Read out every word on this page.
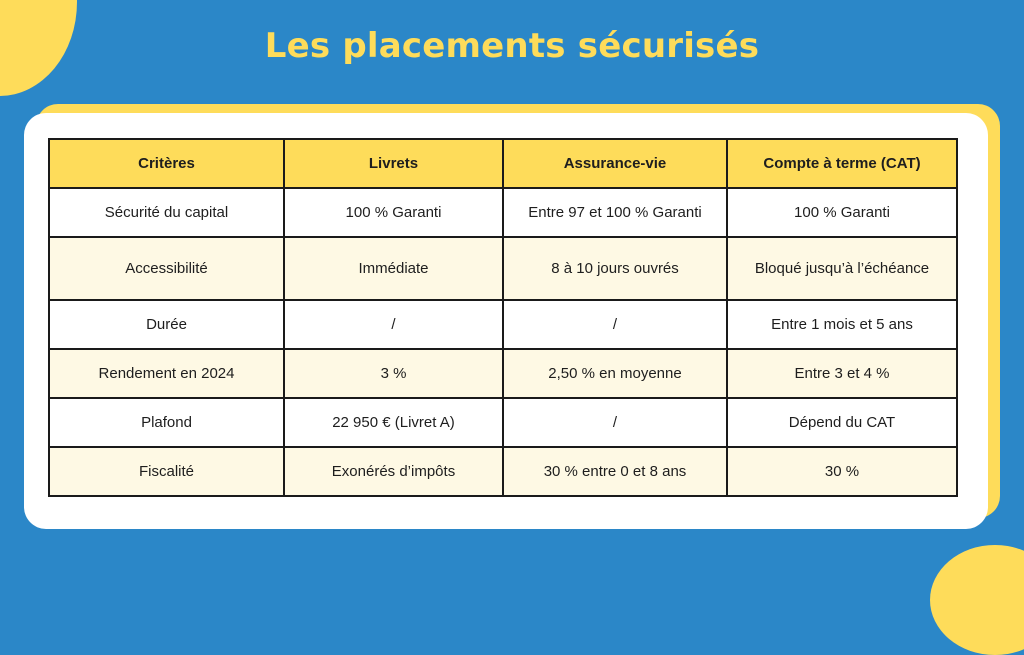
Les placements sécurisés
Critères	Livrets	Assurance-vie	Compte à terme (CAT)
Sécurité du capital	100 % Garanti	Entre 97 et 100 % Garanti	100 % Garanti
Accessibilité	Immédiate	8 à 10 jours ouvrés	Bloqué jusqu’à l’échéance
Durée	/	/	Entre 1 mois et 5 ans
Rendement en 2024	3 %	2,50 % en moyenne	Entre 3 et 4 %
Plafond	22 950 € (Livret A)	/	Dépend du CAT
Fiscalité	Exonérés d’impôts	30 % entre 0 et 8 ans	30 %
